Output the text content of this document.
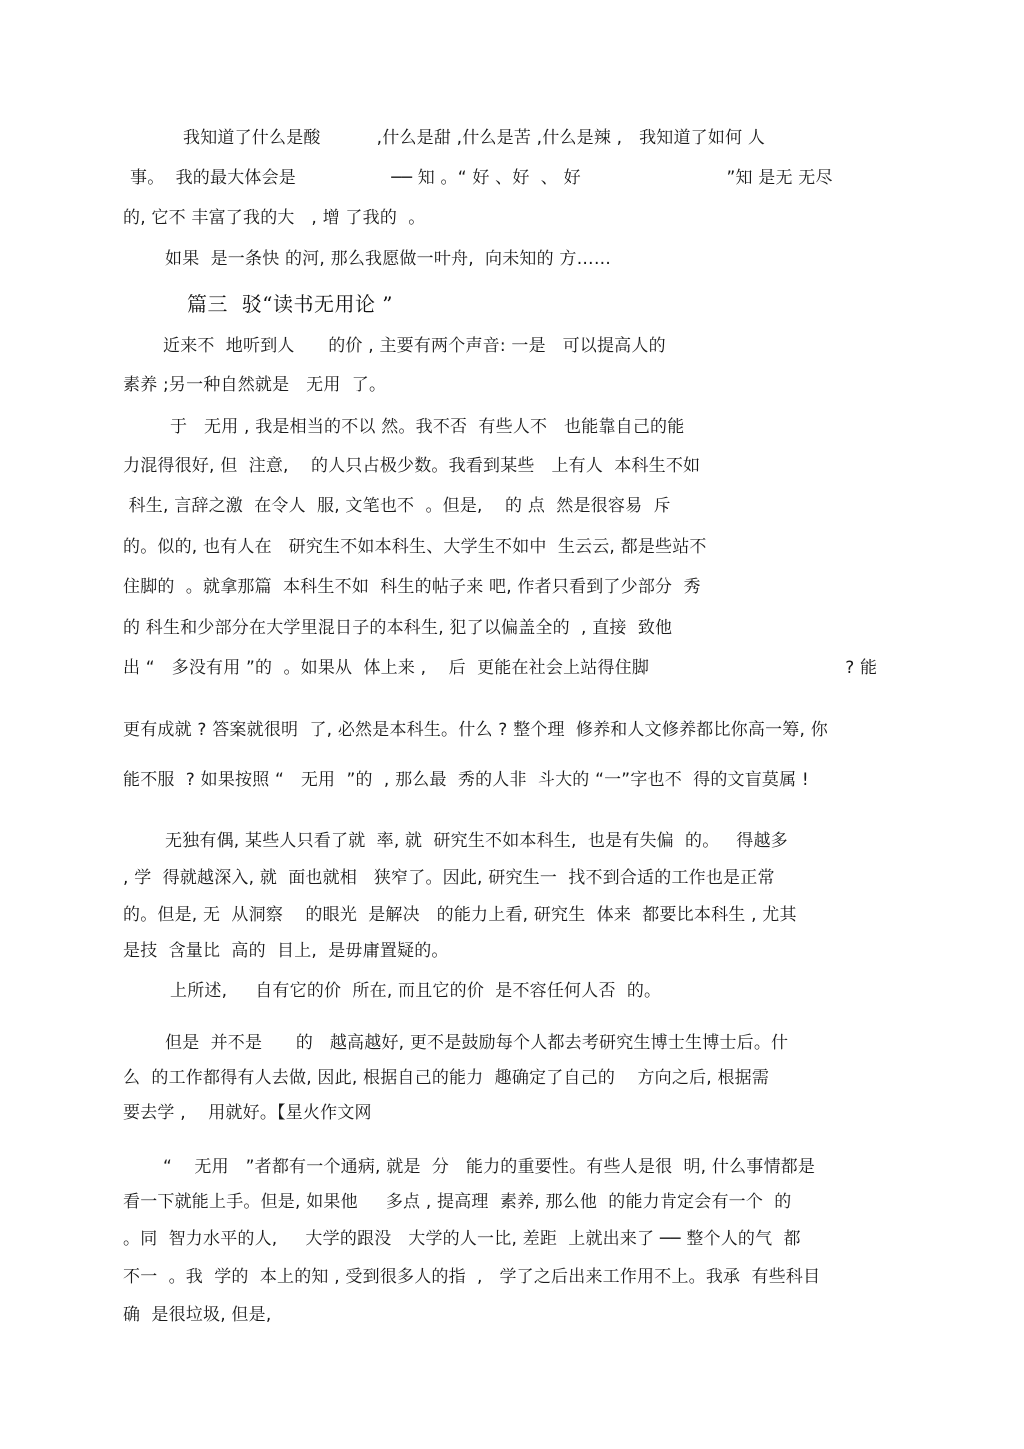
我知道了什么是酸          ,什么是甜 ,什么是苦 ,什么是辣 ,   我知道了如何 人
事。  我的最大体会是                 ── 知 。“ 好 、好  、 好                          ”知 是无 无尽
的, 它不 丰富了我的大   , 增 了我的  。
如果  是一条快 的河, 那么我愿做一叶舟,  向未知的 方……
篇三  驳“读书无用论 ”
近来不  地听到人      的价 , 主要有两个声音: 一是   可以提高人的
素养 ;另一种自然就是   无用  了。
于   无用 , 我是相当的不以 然。我不否  有些人不   也能靠自己的能
力混得很好, 但  注意,    的人只占极少数。我看到某些   上有人  本科生不如
科生, 言辞之激  在令人  服, 文笔也不  。但是,    的 点  然是很容易  斥
的。似的, 也有人在   研究生不如本科生、大学生不如中  生云云, 都是些站不
住脚的  。就拿那篇  本科生不如  科生的帖子来 吧, 作者只看到了少部分  秀
的 科生和少部分在大学里混日子的本科生, 犯了以偏盖全的  , 直接  致他
出 “   多没有用 ”的  。如果从  体上来 ,    后  更能在社会上站得住脚                                   ? 能
更有成就 ? 答案就很明  了, 必然是本科生。什么 ? 整个理  修养和人文修养都比你高一筹, 你
能不服  ? 如果按照 “   无用  ”的  , 那么最  秀的人非  斗大的 “一”字也不  得的文盲莫属 !
无独有偶, 某些人只看了就  率, 就  研究生不如本科生,  也是有失偏  的。   得越多
, 学  得就越深入, 就  面也就相   狭窄了。因此, 研究生一  找不到合适的工作也是正常
的。但是, 无  从洞察    的眼光  是解决   的能力上看, 研究生  体来  都要比本科生 , 尤其
是技  含量比  高的  目上,  是毋庸置疑的。
上所述,     自有它的价  所在, 而且它的价  是不容任何人否  的。
但是  并不是      的   越高越好, 更不是鼓励每个人都去考研究生博士生博士后。什
么  的工作都得有人去做, 因此, 根据自己的能力  趣确定了自己的    方向之后, 根据需
要去学 ,    用就好。【星火作文网
“    无用   ”者都有一个通病, 就是  分   能力的重要性。有些人是很  明, 什么事情都是
看一下就能上手。但是, 如果他     多点 , 提高理  素养, 那么他  的能力肯定会有一个  的
。同  智力水平的人,     大学的跟没   大学的人一比, 差距  上就出来了 ── 整个人的气  都
不一  。我  学的  本上的知 , 受到很多人的指  ,   学了之后出来工作用不上。我承  有些科目
确  是很垃圾, 但是,
